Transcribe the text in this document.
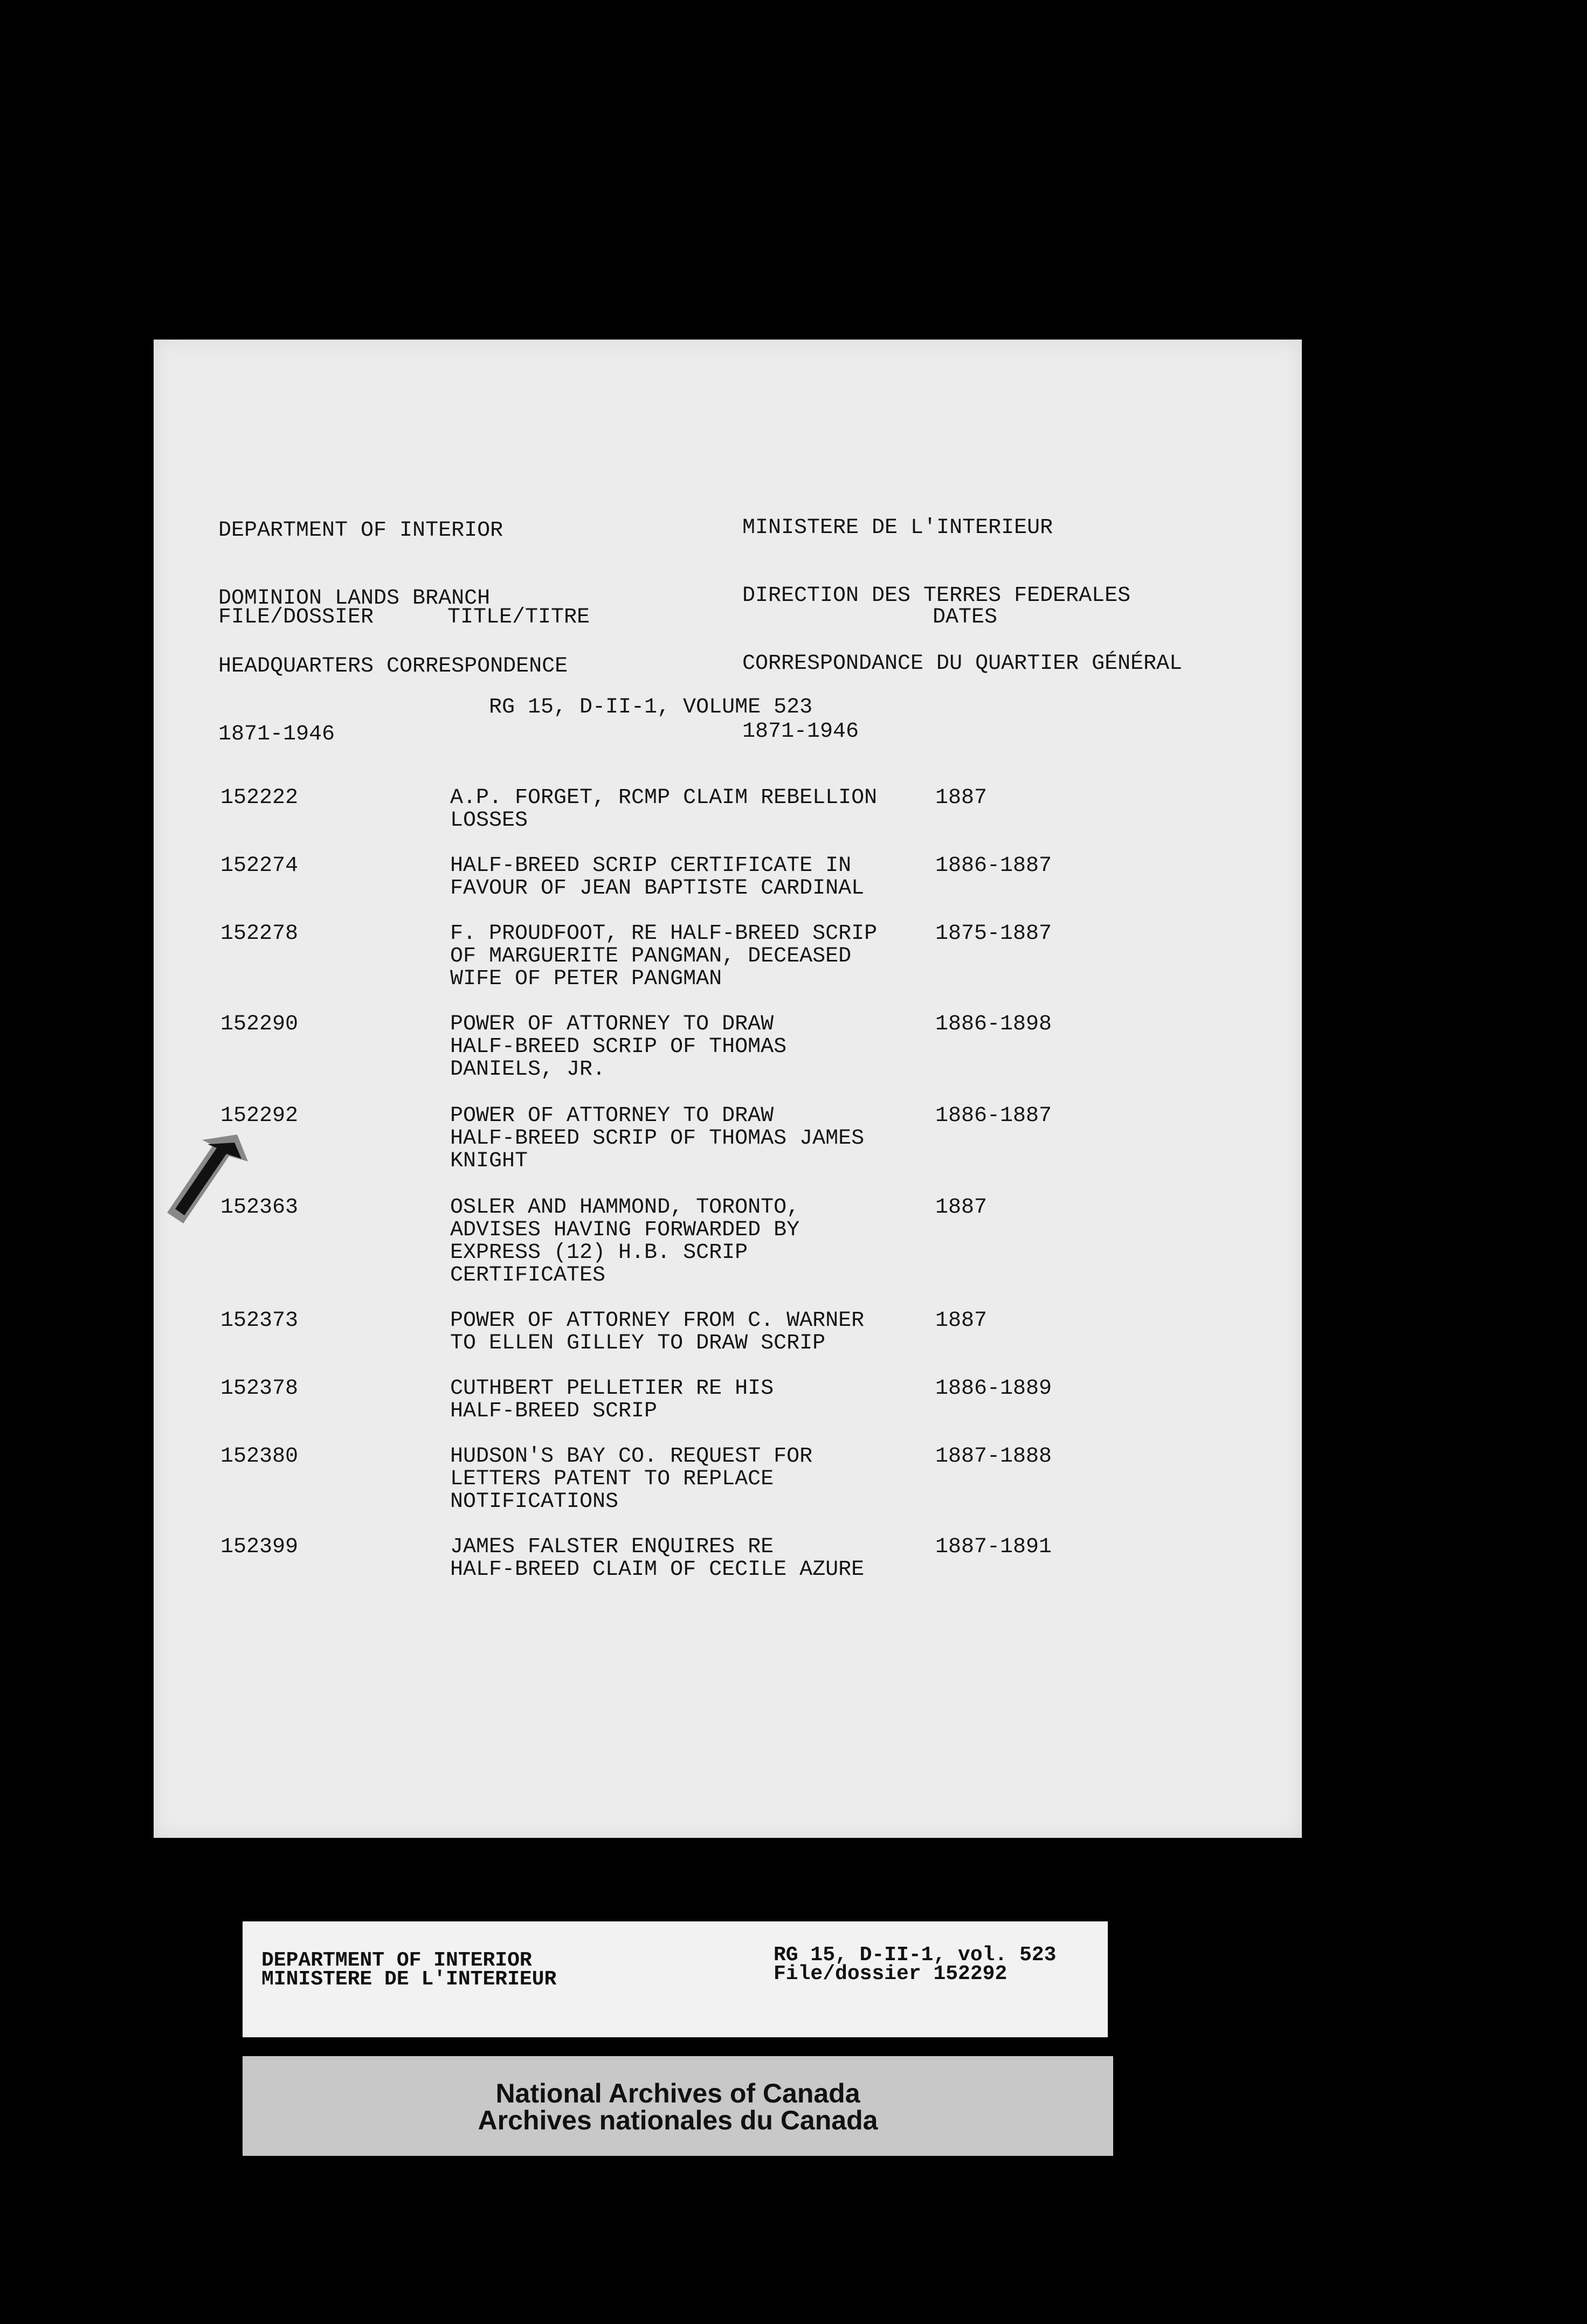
DEPARTMENT OF INTERIOR

DOMINION LANDS BRANCH

HEADQUARTERS CORRESPONDENCE

1871-1946

MINISTERE DE L'INTERIEUR

DIRECTION DES TERRES FEDERALES

CORRESPONDANCE DU QUARTIER GÉNÉRAL

1871-1946

FILE/DOSSIER	TITLE/TITRE	DATES
RG 15, D-II-1, VOLUME 523
152222	A.P. FORGET, RCMP CLAIM REBELLION
LOSSES
1887
152274	HALF-BREED SCRIP CERTIFICATE IN
FAVOUR OF JEAN BAPTISTE CARDINAL
1886-1887
152278	F. PROUDFOOT, RE HALF-BREED SCRIP
OF MARGUERITE PANGMAN, DECEASED
WIFE OF PETER PANGMAN
1875-1887
152290	POWER OF ATTORNEY TO DRAW
HALF-BREED SCRIP OF THOMAS
DANIELS, JR.
1886-1898
152292	POWER OF ATTORNEY TO DRAW
HALF-BREED SCRIP OF THOMAS JAMES
KNIGHT
1886-1887
152363	OSLER AND HAMMOND, TORONTO,
ADVISES HAVING FORWARDED BY
EXPRESS (12) H.B. SCRIP
CERTIFICATES
1887
152373	POWER OF ATTORNEY FROM C. WARNER
TO ELLEN GILLEY TO DRAW SCRIP
1887
152378	CUTHBERT PELLETIER RE HIS
HALF-BREED SCRIP
1886-1889
152380	HUDSON'S BAY CO. REQUEST FOR
LETTERS PATENT TO REPLACE
NOTIFICATIONS
1887-1888
152399	JAMES FALSTER ENQUIRES RE
HALF-BREED CLAIM OF CECILE AZURE
1887-1891
DEPARTMENT OF INTERIOR
MINISTERE DE L'INTERIEUR
RG 15, D-II-1, vol. 523
File/dossier 152292
National Archives of Canada
Archives nationales du Canada
